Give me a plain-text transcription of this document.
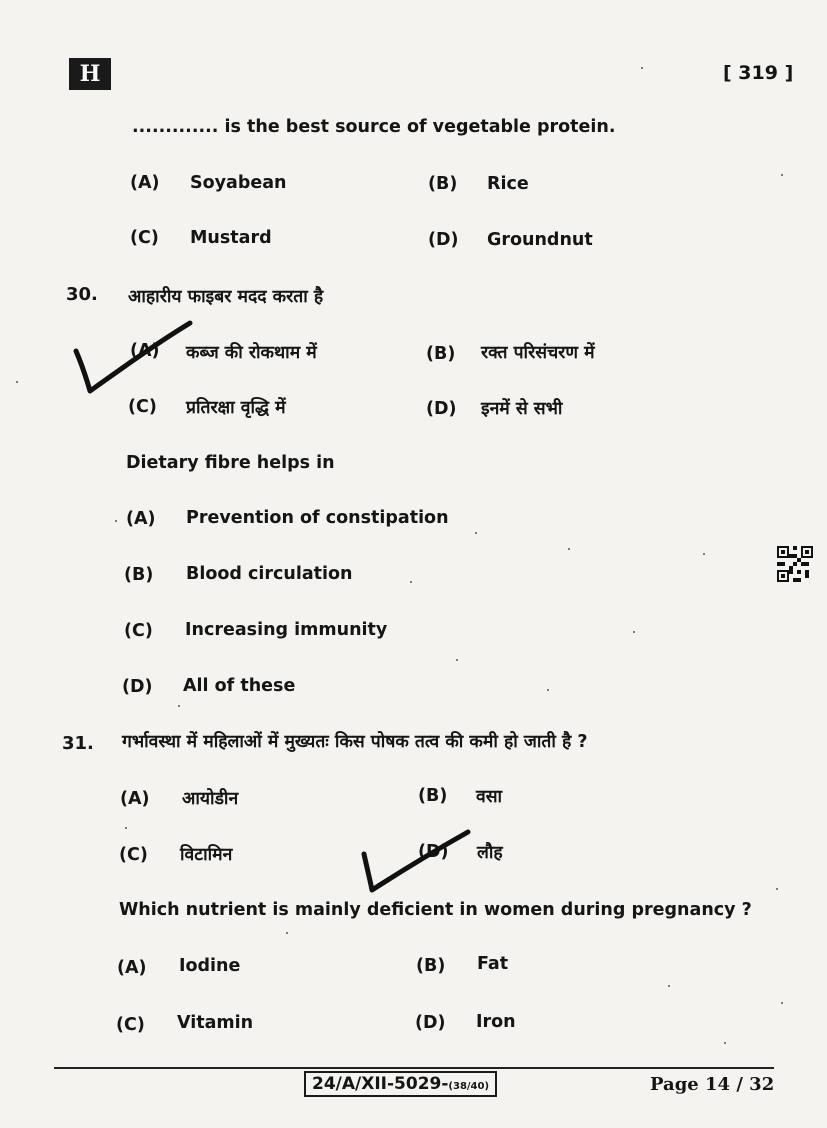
H	[ 319 ]
............. is the best source of vegetable protein.
(A) Soyabean	(B) Rice
(C) Mustard	(D) Groundnut
30. आहारीय फाइबर मदद करता है
(A) कब्ज की रोकथाम में	(B) रक्त परिसंचरण में
(C) प्रतिरक्षा वृद्धि में	(D) इनमें से सभी
Dietary fibre helps in
(A) Prevention of constipation
(B) Blood circulation
(C) Increasing immunity
(D) All of these
31. गर्भावस्था में महिलाओं में मुख्यतः किस पोषक तत्व की कमी हो जाती है ?
(A) आयोडीन	(B) वसा
(C) विटामिन	(D) लौह
Which nutrient is mainly deficient in women during pregnancy ?
(A) Iodine	(B) Fat
(C) Vitamin	(D) Iron
24/A/XII-5029-(38/40)	Page 14 / 32
